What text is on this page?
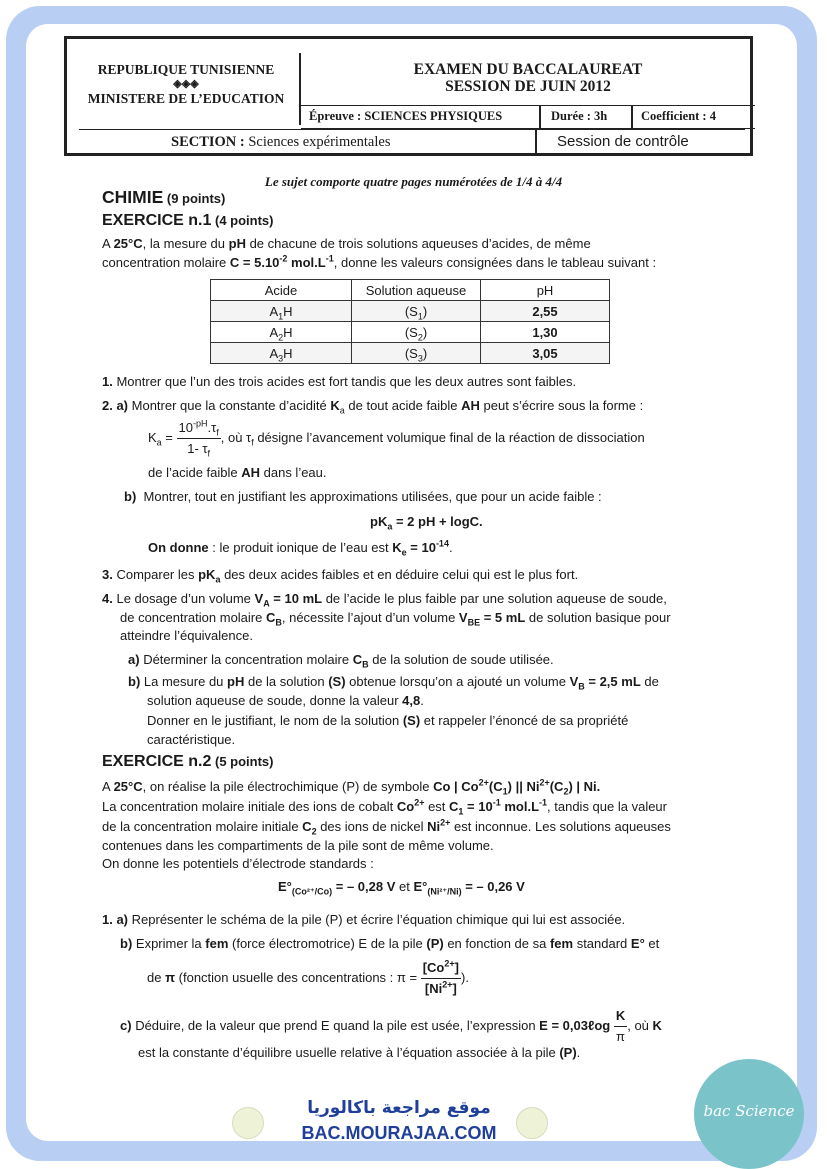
REPUBLIQUE TUNISIENNE
◈◈◈
MINISTERE DE L’EDUCATION
EXAMEN DU BACCALAUREAT
SESSION DE JUIN 2012
Épreuve : SCIENCES PHYSIQUES	Durée : 3h	Coefficient : 4
SECTION : Sciences expérimentales	Session de contrôle
Le sujet comporte quatre pages numérotées de 1/4 à 4/4
CHIMIE (9 points)
EXERCICE n.1 (4 points)
A 25°C, la mesure du pH de chacune de trois solutions aqueuses d’acides, de même
concentration molaire $C = 5.10^{-2}$ $mol.L^{-1}$, donne les valeurs consignées dans le tableau suivant :
Acide	Solution aqueuse	pH
$A_1H$	$(S_1)$	2,55
$A_2H$	$(S_2)$	1,30
$A_3H$	$(S_3)$	3,05
1. Montrer que l’un des trois acides est fort tandis que les deux autres sont faibles.
2. a) Montrer que la constante d’acidité $K_a$ de tout acide faible AH peut s’écrire sous la forme :
$K_a = \frac{10^{-pH}.\tau_f}{1- \tau_f}$ , où $\tau_f$ désigne l’avancement volumique final de la réaction de dissociation
de l’acide faible AH dans l’eau.
b) Montrer, tout en justifiant les approximations utilisées, que pour un acide faible :
$pK_a = 2$ pH + logC.
On donne : le produit ionique de l’eau est $K_e = 10^{-14}$.
3. Comparer les $pK_a$ des deux acides faibles et en déduire celui qui est le plus fort.
4. Le dosage d’un volume $V_A = 10$ mL de l’acide le plus faible par une solution aqueuse de soude,
de concentration molaire $C_B$, nécessite l’ajout d’un volume $V_{BE} = 5$ mL de solution basique pour
atteindre l’équivalence.
a) Déterminer la concentration molaire $C_B$ de la solution de soude utilisée.
b) La mesure du pH de la solution (S) obtenue lorsqu’on a ajouté un volume $V_B = 2,5$ mL de
solution aqueuse de soude, donne la valeur 4,8.
Donner en le justifiant, le nom de la solution (S) et rappeler l’énoncé de sa propriété
caractéristique.
EXERCICE n.2 (5 points)
A 25°C, on réalise la pile électrochimique (P) de symbole Co | $Co^{2+}(C_1)$ || $Ni^{2+}(C_2)$ | Ni.
La concentration molaire initiale des ions de cobalt $Co^{2+}$ est $C_1 = 10^{-1}$ $mol.L^{-1}$, tandis que la valeur
de la concentration molaire initiale $C_2$ des ions de nickel $Ni^{2+}$ est inconnue. Les solutions aqueuses
contenues dans les compartiments de la pile sont de même volume.
On donne les potentiels d’électrode standards :
$E^\circ_{(Co^{2+}/Co)}$ = – 0,28 V et $E^\circ_{(Ni^{2+}/Ni)}$ = – 0,26 V
1. a) Représenter le schéma de la pile (P) et écrire l’équation chimique qui lui est associée.
b) Exprimer la fem (force électromotrice) E de la pile (P) en fonction de sa fem standard E° et
de π (fonction usuelle des concentrations : $\pi = \frac{[Co^{2+}]}{[Ni^{2+}]}$ ).
c) Déduire, de la valeur que prend E quand la pile est usée, l’expression E = 0,03ℓog $\frac{K}{\pi}$ , où K
est la constante d’équilibre usuelle relative à l’équation associée à la pile (P).
موقع مراجعة باكالوريا
BAC.MOURAJAA.COM
bac Science
